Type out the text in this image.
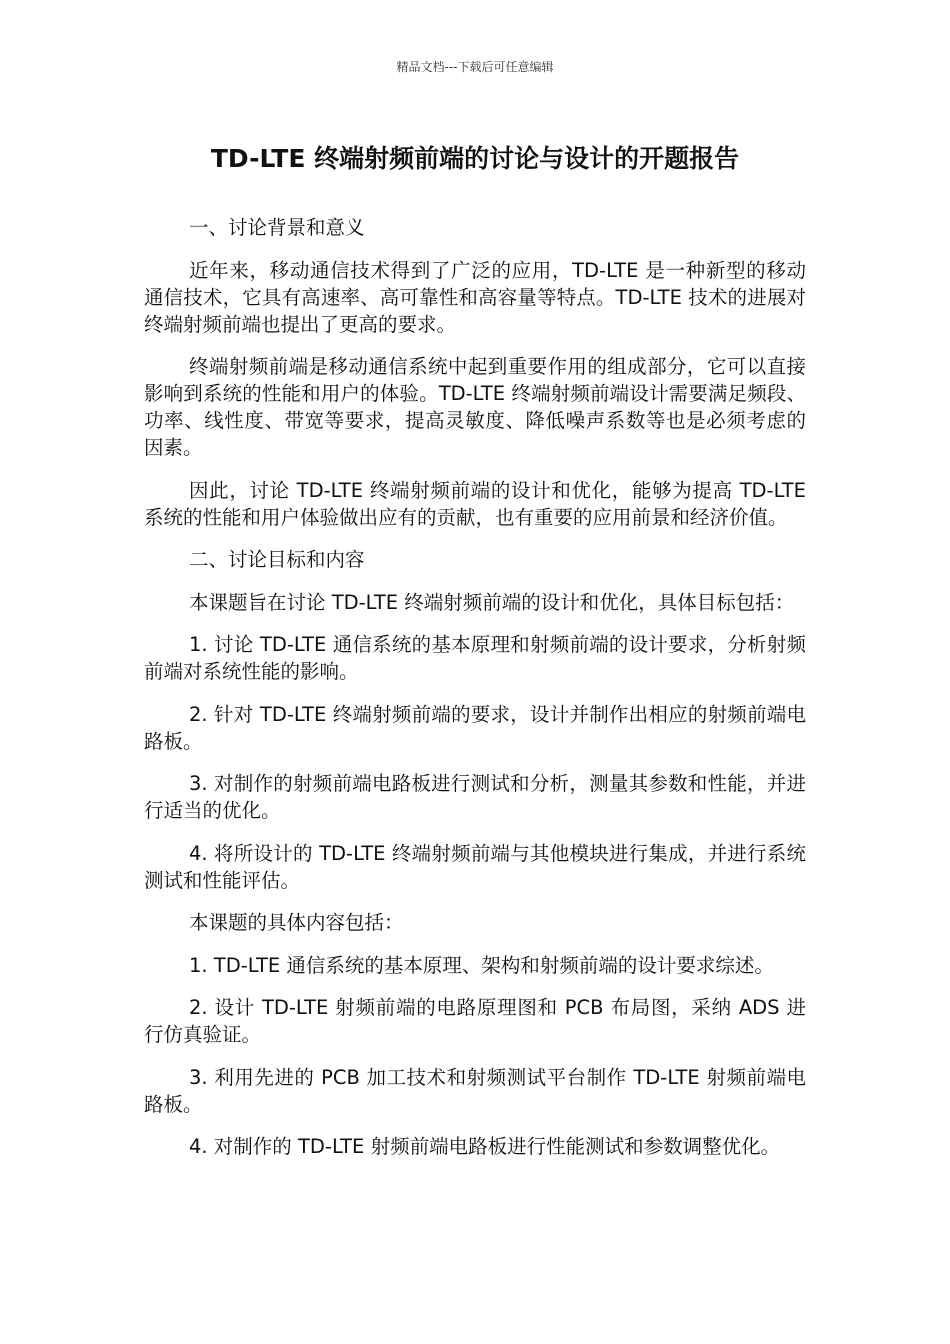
精品文档---下载后可任意编辑
TD-LTE 终端射频前端的讨论与设计的开题报告

一、讨论背景和意义

近年来，移动通信技术得到了广泛的应用，TD-LTE 是一种新型的移动通信技术，它具有高速率、高可靠性和高容量等特点。TD-LTE 技术的进展对终端射频前端也提出了更高的要求。

终端射频前端是移动通信系统中起到重要作用的组成部分，它可以直接影响到系统的性能和用户的体验。TD-LTE 终端射频前端设计需要满足频段、功率、线性度、带宽等要求，提高灵敏度、降低噪声系数等也是必须考虑的因素。

因此，讨论 TD-LTE 终端射频前端的设计和优化，能够为提高 TD-LTE 系统的性能和用户体验做出应有的贡献，也有重要的应用前景和经济价值。

二、讨论目标和内容

本课题旨在讨论 TD-LTE 终端射频前端的设计和优化，具体目标包括：

1. 讨论 TD-LTE 通信系统的基本原理和射频前端的设计要求，分析射频前端对系统性能的影响。

2. 针对 TD-LTE 终端射频前端的要求，设计并制作出相应的射频前端电路板。

3. 对制作的射频前端电路板进行测试和分析，测量其参数和性能，并进行适当的优化。

4. 将所设计的 TD-LTE 终端射频前端与其他模块进行集成，并进行系统测试和性能评估。

本课题的具体内容包括：

1. TD-LTE 通信系统的基本原理、架构和射频前端的设计要求综述。

2. 设计 TD-LTE 射频前端的电路原理图和 PCB 布局图，采纳 ADS 进行仿真验证。

3. 利用先进的 PCB 加工技术和射频测试平台制作 TD-LTE 射频前端电路板。

4. 对制作的 TD-LTE 射频前端电路板进行性能测试和参数调整优化。
